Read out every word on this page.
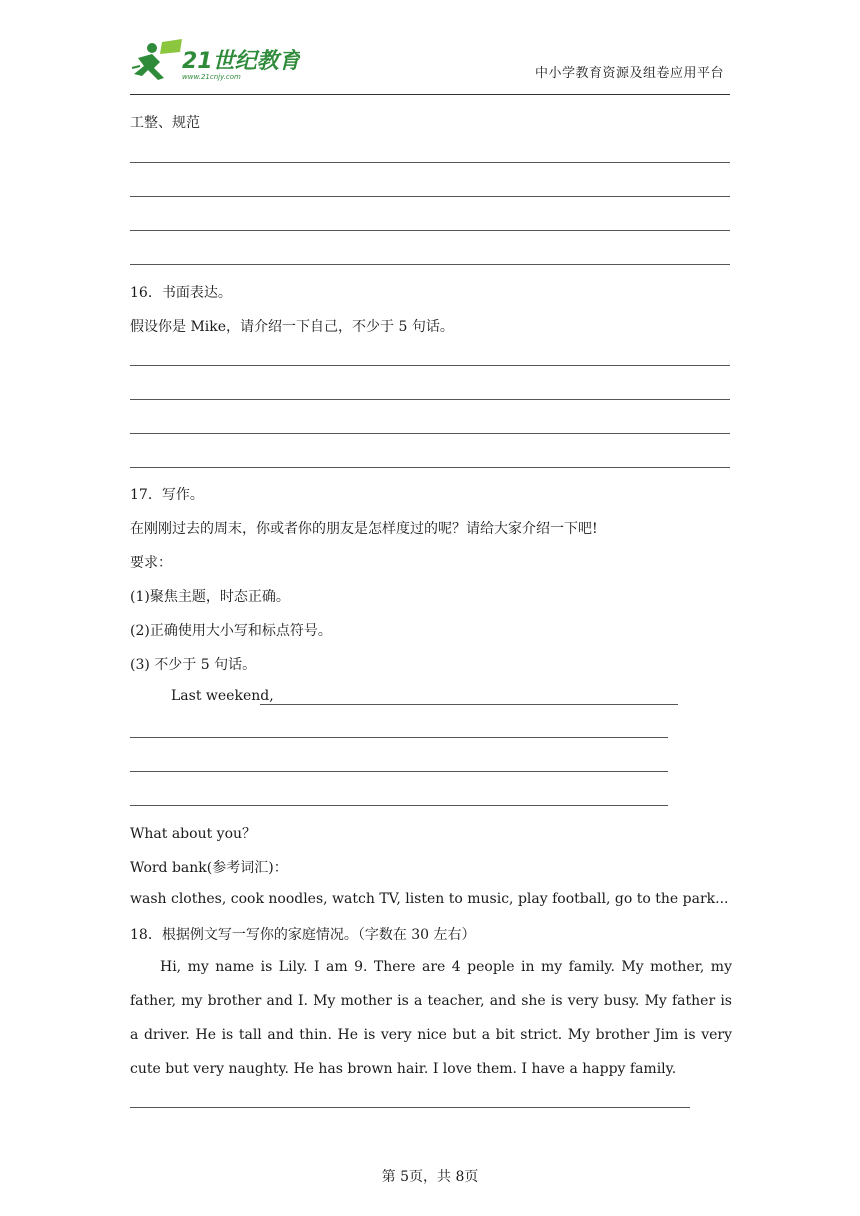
21世纪教育
www.21cnjy.com	中小学教育资源及组卷应用平台
工整、规范
16．书面表达。
假设你是 Mike，请介绍一下自己，不少于 5 句话。
17．写作。
在刚刚过去的周末，你或者你的朋友是怎样度过的呢？请给大家介绍一下吧!
要求：
(1)聚焦主题，时态正确。
(2)正确使用大小写和标点符号。
(3) 不少于 5 句话。
Last weekend,
What about you？
Word bank(参考词汇)：
wash clothes, cook noodles, watch TV, listen to music, play football, go to the park...
18．根据例文写一写你的家庭情况。（字数在 30 左右）
Hi, my name is Lily. I am 9. There are 4 people in my family. My mother, my father, my brother and I. My mother is a teacher, and she is very busy. My father is a driver. He is tall and thin. He is very nice but a bit strict. My brother Jim is very cute but very naughty. He has brown hair. I love them. I have a happy family.
第 5页，共 8页
